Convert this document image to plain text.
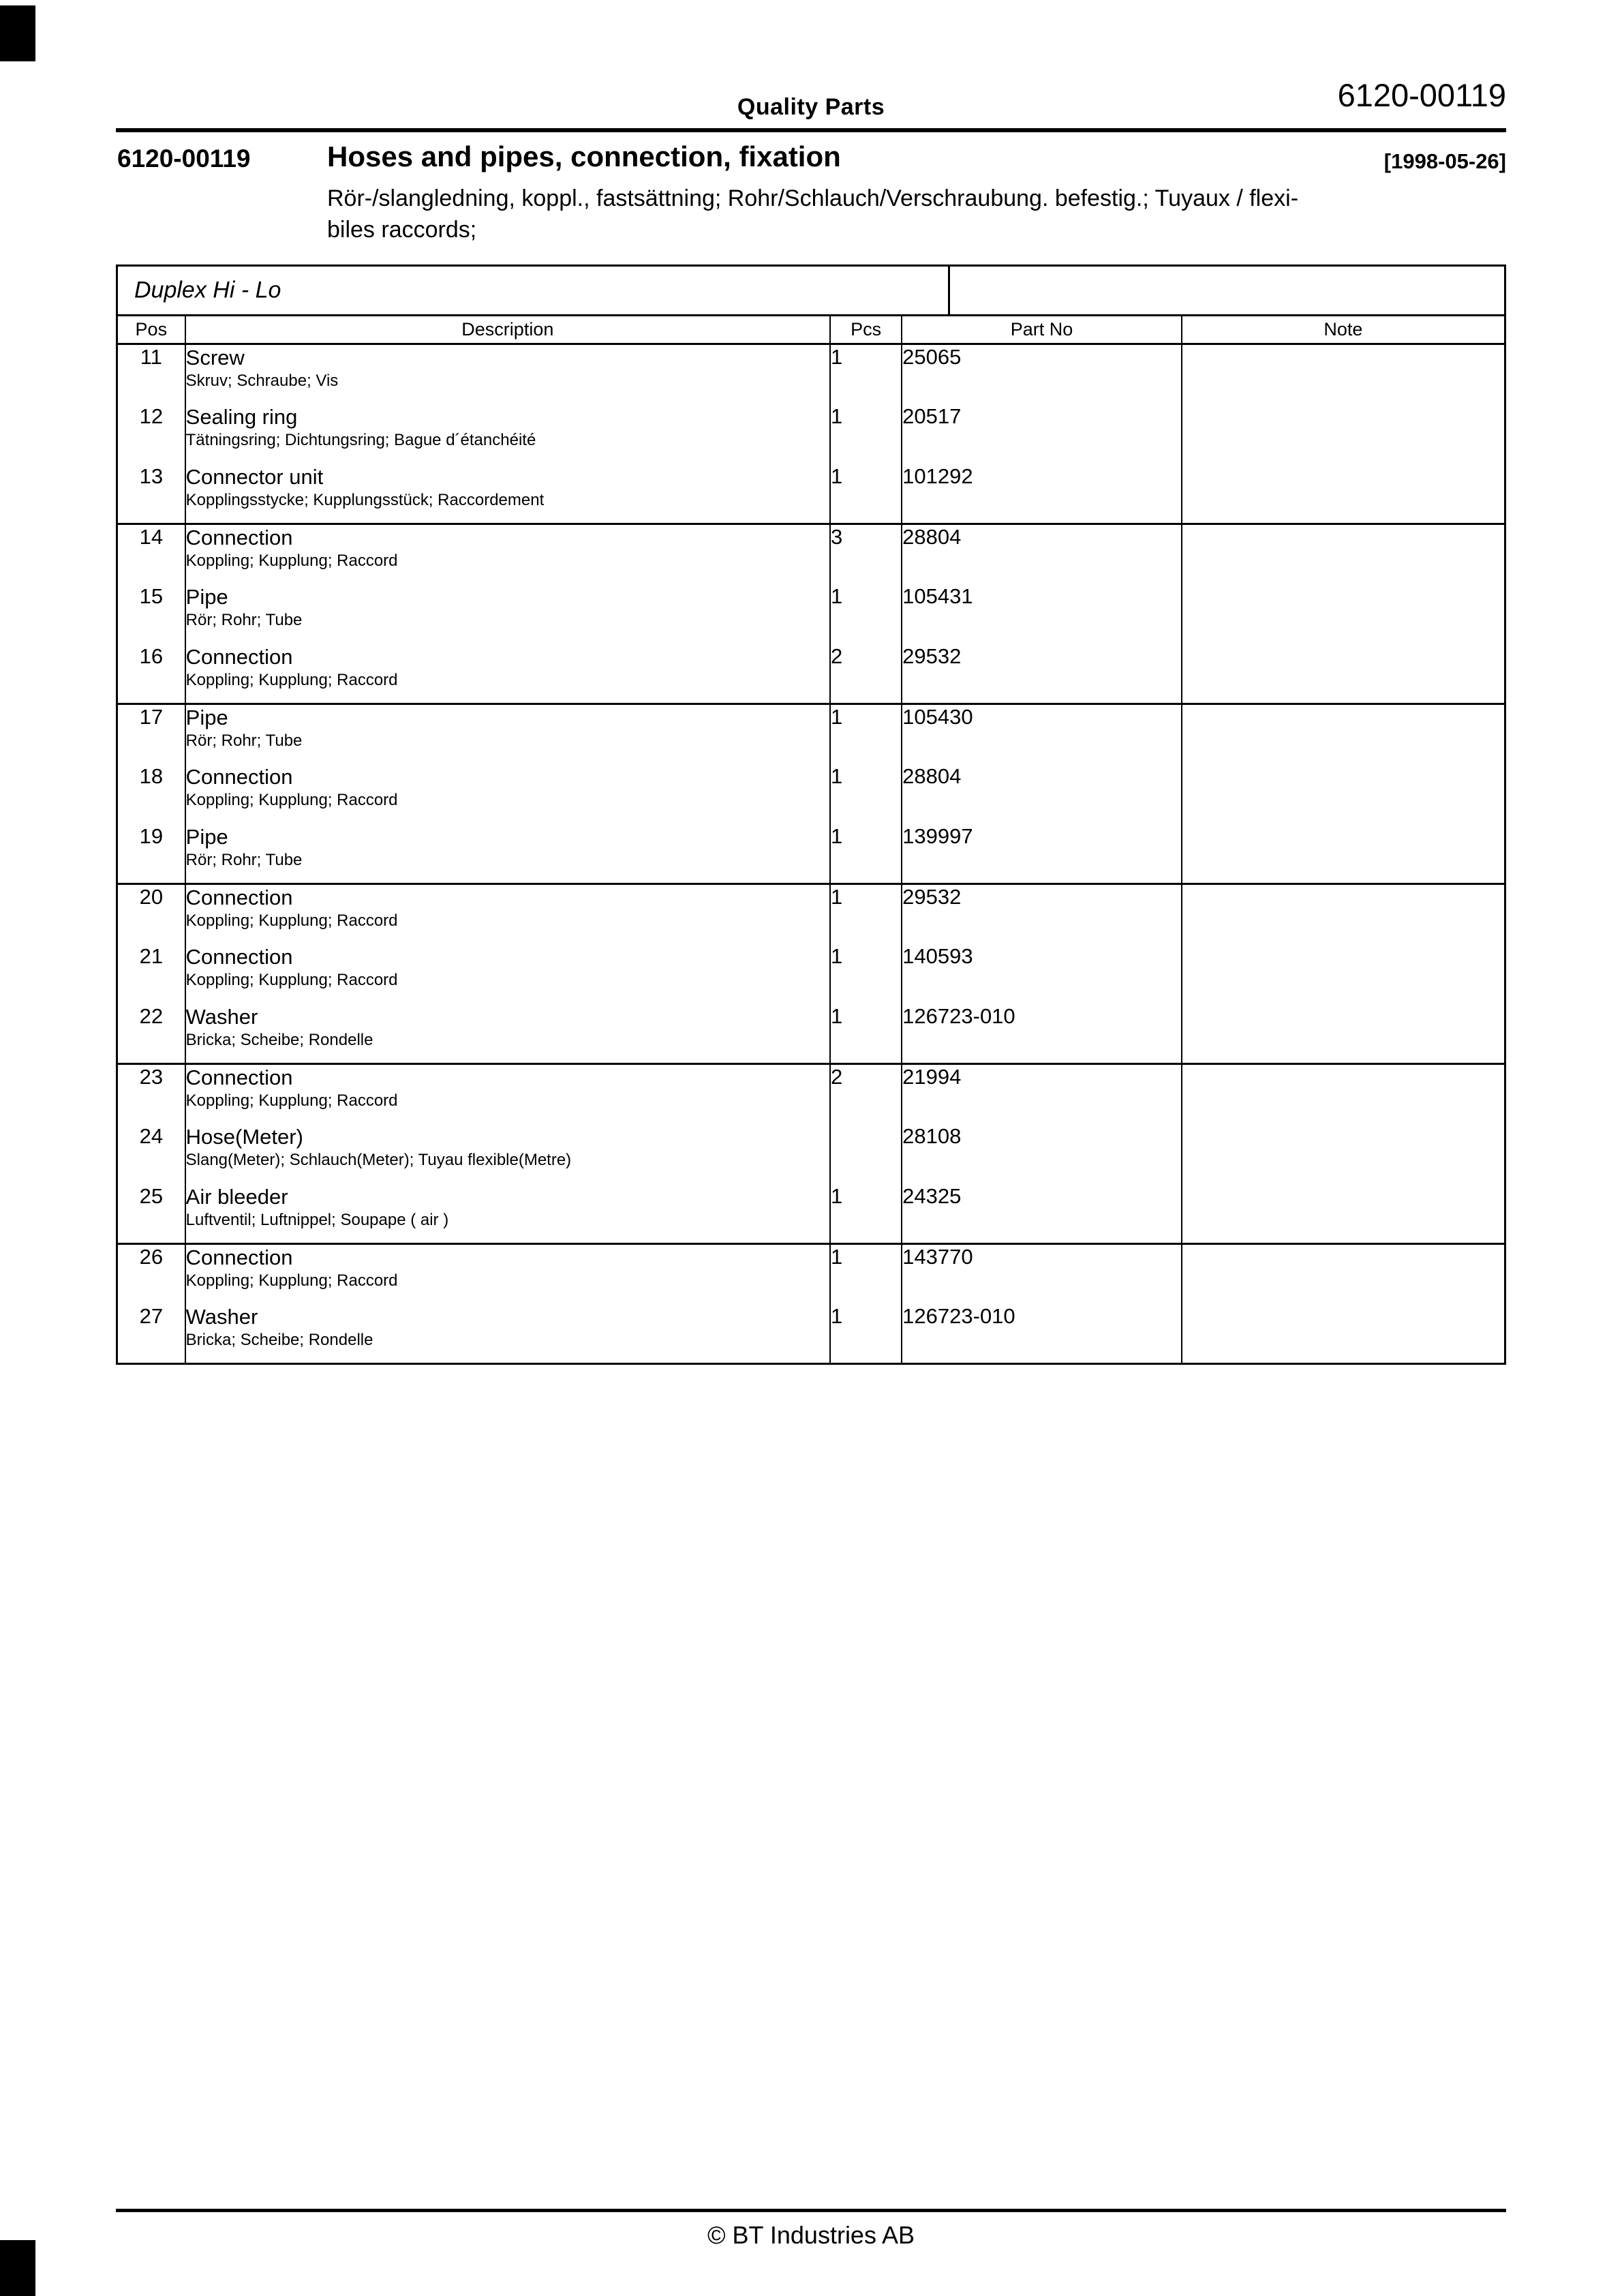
Quality Parts	6120-00119
6120-00119	Hoses and pipes, connection, fixation	[1998-05-26]
Rör-/slangledning, koppl., fastsättning; Rohr/Schlauch/Verschraubung. befestig.; Tuyaux / flexi-
biles raccords;
Duplex Hi - Lo
Pos	Description	Pcs	Part No	Note
11	Screw
Skruv; Schraube; Vis	1	25065	
12	Sealing ring
Tätningsring; Dichtungsring; Bague d´étanchéité	1	20517	
13	Connector unit
Kopplingsstycke; Kupplungsstück; Raccordement	1	101292	
14	Connection
Koppling; Kupplung; Raccord	3	28804	
15	Pipe
Rör; Rohr; Tube	1	105431	
16	Connection
Koppling; Kupplung; Raccord	2	29532	
17	Pipe
Rör; Rohr; Tube	1	105430	
18	Connection
Koppling; Kupplung; Raccord	1	28804	
19	Pipe
Rör; Rohr; Tube	1	139997	
20	Connection
Koppling; Kupplung; Raccord	1	29532	
21	Connection
Koppling; Kupplung; Raccord	1	140593	
22	Washer
Bricka; Scheibe; Rondelle	1	126723-010	
23	Connection
Koppling; Kupplung; Raccord	2	21994	
24	Hose(Meter)
Slang(Meter); Schlauch(Meter); Tuyau flexible(Metre)		28108	
25	Air bleeder
Luftventil; Luftnippel; Soupape ( air )	1	24325	
26	Connection
Koppling; Kupplung; Raccord	1	143770	
27	Washer
Bricka; Scheibe; Rondelle	1	126723-010	
© BT Industries AB
